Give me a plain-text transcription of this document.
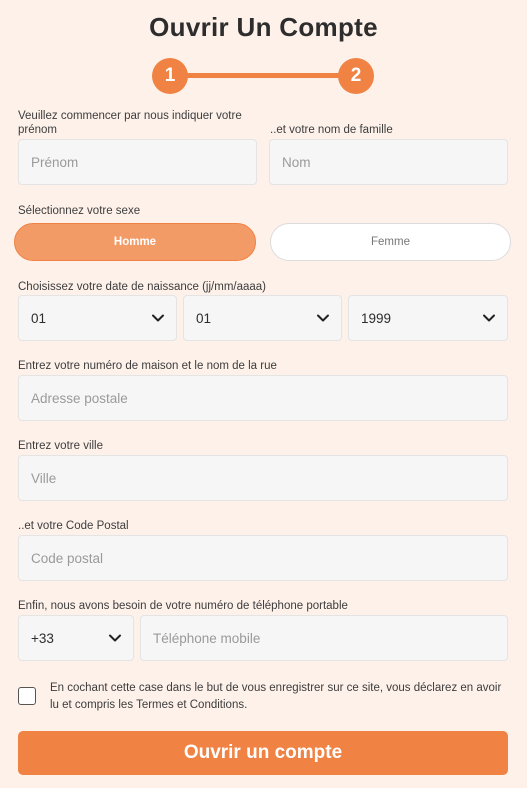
Ouvrir Un Compte
1	2
Veuillez commencer par nous indiquer votre prénom	..et votre nom de famille
Prénom	Nom
Sélectionnez votre sexe
Homme	Femme
Choisissez votre date de naissance (jj/mm/aaaa)
01	01	1999
Entrez votre numéro de maison et le nom de la rue
Adresse postale
Entrez votre ville
Ville
..et votre Code Postal
Code postal
Enfin, nous avons besoin de votre numéro de téléphone portable
+33	Téléphone mobile
En cochant cette case dans le but de vous enregistrer sur ce site, vous déclarez en avoir lu et compris les Termes et Conditions.
Ouvrir un compte
